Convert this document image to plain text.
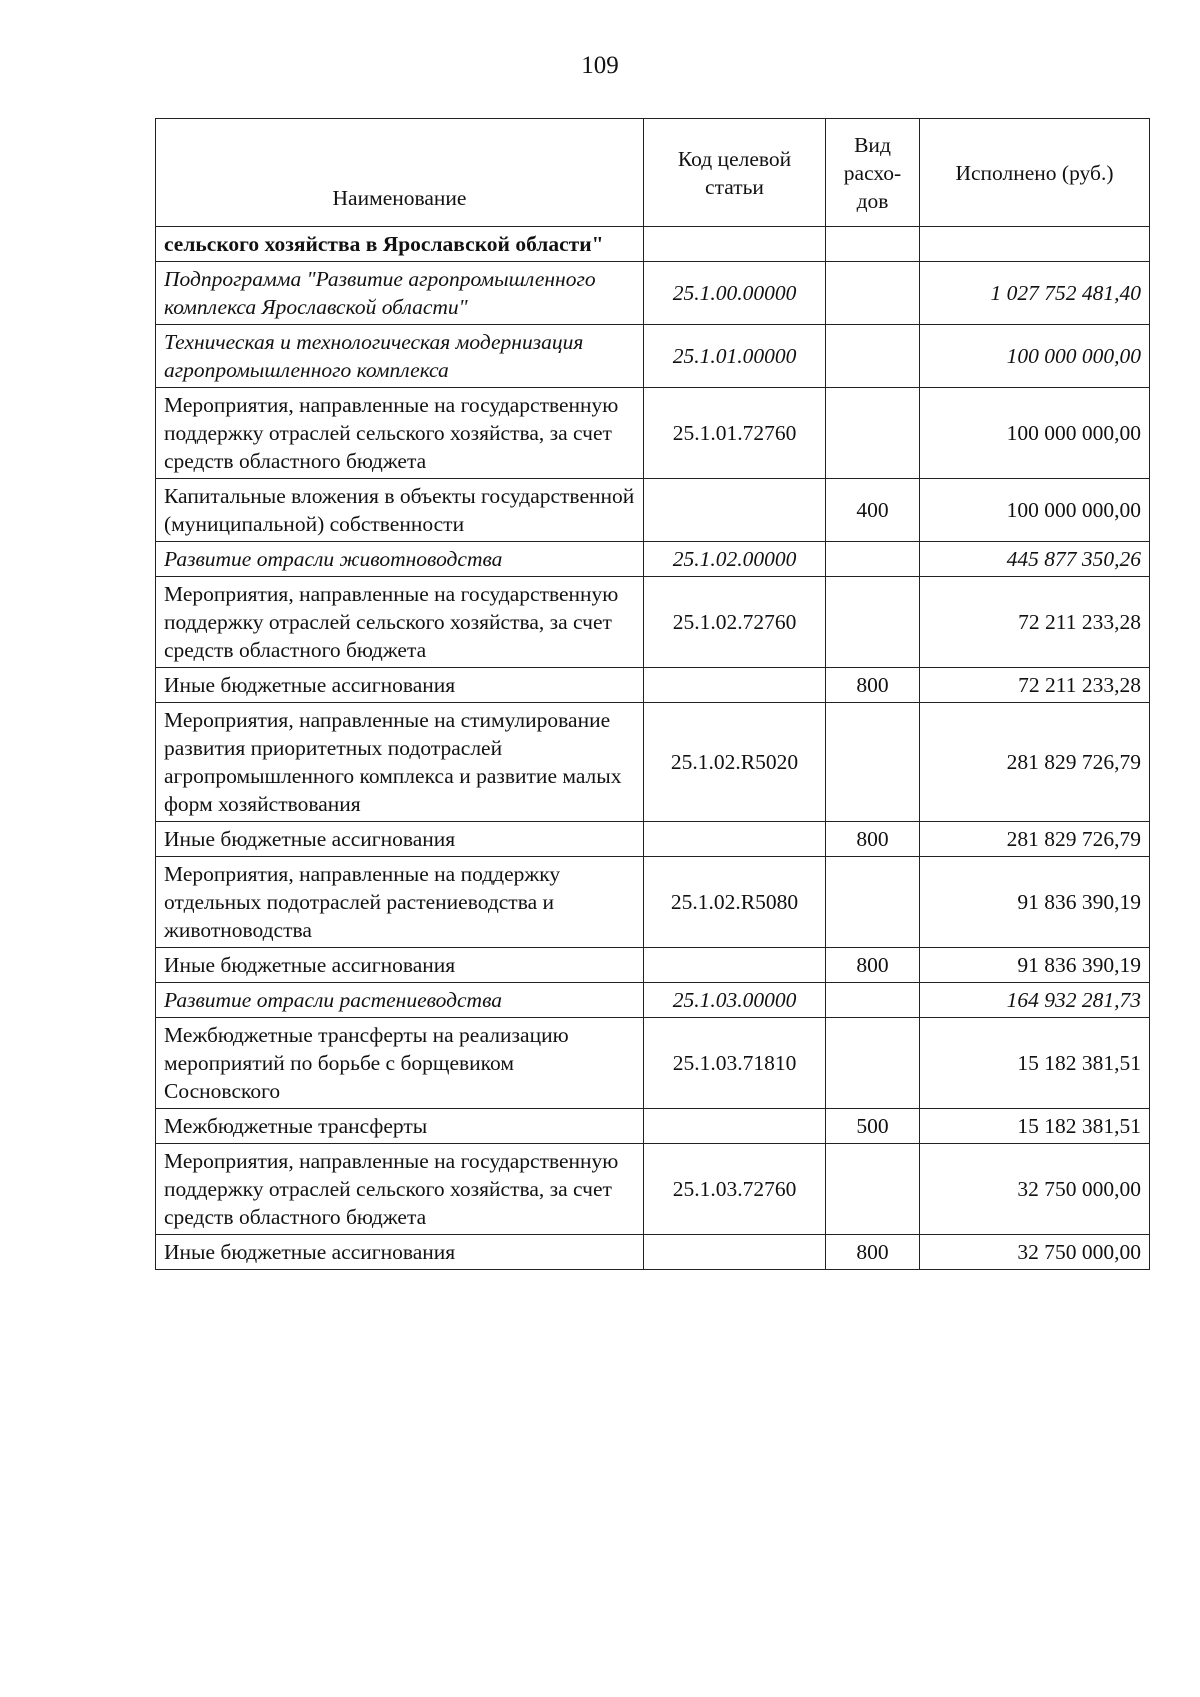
109
Наименование	Код целевой статьи	Вид расхо-дов	Исполнено (руб.)
сельского хозяйства в Ярославской области"			
Подпрограмма "Развитие агропромышленного комплекса Ярославской области"	25.1.00.00000		1 027 752 481,40
Техническая и технологическая модернизация агропромышленного комплекса	25.1.01.00000		100 000 000,00
Мероприятия, направленные на государственную поддержку отраслей сельского хозяйства, за счет средств областного бюджета	25.1.01.72760		100 000 000,00
Капитальные вложения в объекты государственной (муниципальной) собственности		400	100 000 000,00
Развитие отрасли животноводства	25.1.02.00000		445 877 350,26
Мероприятия, направленные на государственную поддержку отраслей сельского хозяйства, за счет средств областного бюджета	25.1.02.72760		72 211 233,28
Иные бюджетные ассигнования		800	72 211 233,28
Мероприятия, направленные на стимулирование развития приоритетных подотраслей агропромышленного комплекса и развитие малых форм хозяйствования	25.1.02.R5020		281 829 726,79
Иные бюджетные ассигнования		800	281 829 726,79
Мероприятия, направленные на поддержку отдельных подотраслей растениеводства и животноводства	25.1.02.R5080		91 836 390,19
Иные бюджетные ассигнования		800	91 836 390,19
Развитие отрасли растениеводства	25.1.03.00000		164 932 281,73
Межбюджетные трансферты на реализацию мероприятий по борьбе с борщевиком Сосновского	25.1.03.71810		15 182 381,51
Межбюджетные трансферты		500	15 182 381,51
Мероприятия, направленные на государственную поддержку отраслей сельского хозяйства, за счет средств областного бюджета	25.1.03.72760		32 750 000,00
Иные бюджетные ассигнования		800	32 750 000,00
